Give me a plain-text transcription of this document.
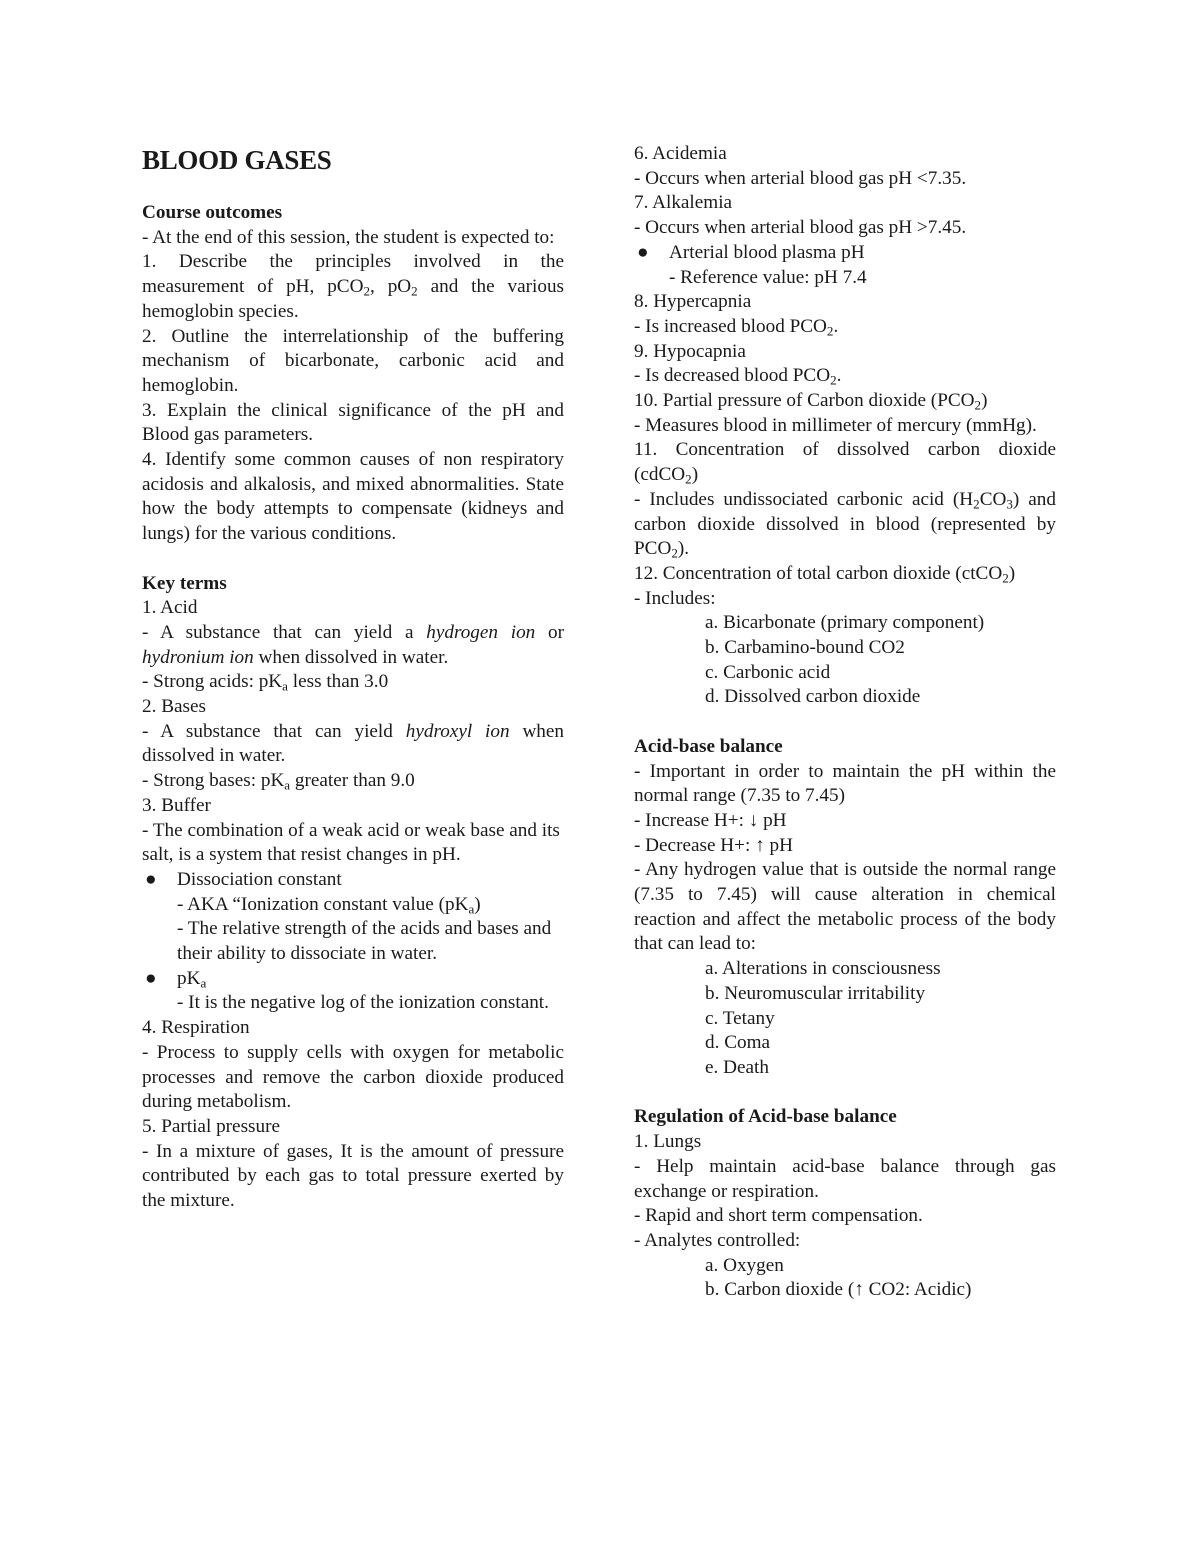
BLOOD GASES
Course outcomes
- At the end of this session, the student is expected to:
1. Describe the principles involved in the measurement of pH, pCO$_2$, $pO_2$ and the various hemoglobin species.
2. Outline the interrelationship of the buffering mechanism of bicarbonate, carbonic acid and hemoglobin.
3. Explain the clinical significance of the pH and Blood gas parameters.
4. Identify some common causes of non respiratory acidosis and alkalosis, and mixed abnormalities. State how the body attempts to compensate (kidneys and lungs) for the various conditions.
Key terms
1. Acid
- A substance that can yield a hydrogen ion or hydronium ion when dissolved in water.
- Strong acids: $pK_a$ less than 3.0
2. Bases
- A substance that can yield hydroxyl ion when dissolved in water.
- Strong bases: $pK_a$ greater than 9.0
3. Buffer
- The combination of a weak acid or weak base and its salt, is a system that resist changes in pH.
● Dissociation constant
- AKA “Ionization constant value $(pK_a)$
- The relative strength of the acids and bases and their ability to dissociate in water.
● $pK_a$
- It is the negative log of the ionization constant.
4. Respiration
- Process to supply cells with oxygen for metabolic processes and remove the carbon dioxide produced during metabolism.
5. Partial pressure
- In a mixture of gases, It is the amount of pressure contributed by each gas to total pressure exerted by the mixture.
6. Acidemia
- Occurs when arterial blood gas pH <7.35.
7. Alkalemia
- Occurs when arterial blood gas pH >7.45.
● Arterial blood plasma pH
- Reference value: pH 7.4
8. Hypercapnia
- Is increased blood $PCO_2$.
9. Hypocapnia
- Is decreased blood $PCO_2$.
10. Partial pressure of Carbon dioxide $(PCO_2)$
- Measures blood in millimeter of mercury (mmHg).
11. Concentration of dissolved carbon dioxide (cdCO$_2$)
- Includes undissociated carbonic acid $(H_2CO_3)$ and carbon dioxide dissolved in blood (represented by $PCO_2$).
12. Concentration of total carbon dioxide (ctCO$_2$)
- Includes:
a. Bicarbonate (primary component)
b. Carbamino-bound CO2
c. Carbonic acid
d. Dissolved carbon dioxide
Acid-base balance
- Important in order to maintain the pH within the normal range (7.35 to 7.45)
- Increase H+: ↓ pH
- Decrease H+: ↑ pH
- Any hydrogen value that is outside the normal range (7.35 to 7.45) will cause alteration in chemical reaction and affect the metabolic process of the body that can lead to:
a. Alterations in consciousness
b. Neuromuscular irritability
c. Tetany
d. Coma
e. Death
Regulation of Acid-base balance
1. Lungs
- Help maintain acid-base balance through gas exchange or respiration.
- Rapid and short term compensation.
- Analytes controlled:
a. Oxygen
b. Carbon dioxide (↑ CO2: Acidic)
